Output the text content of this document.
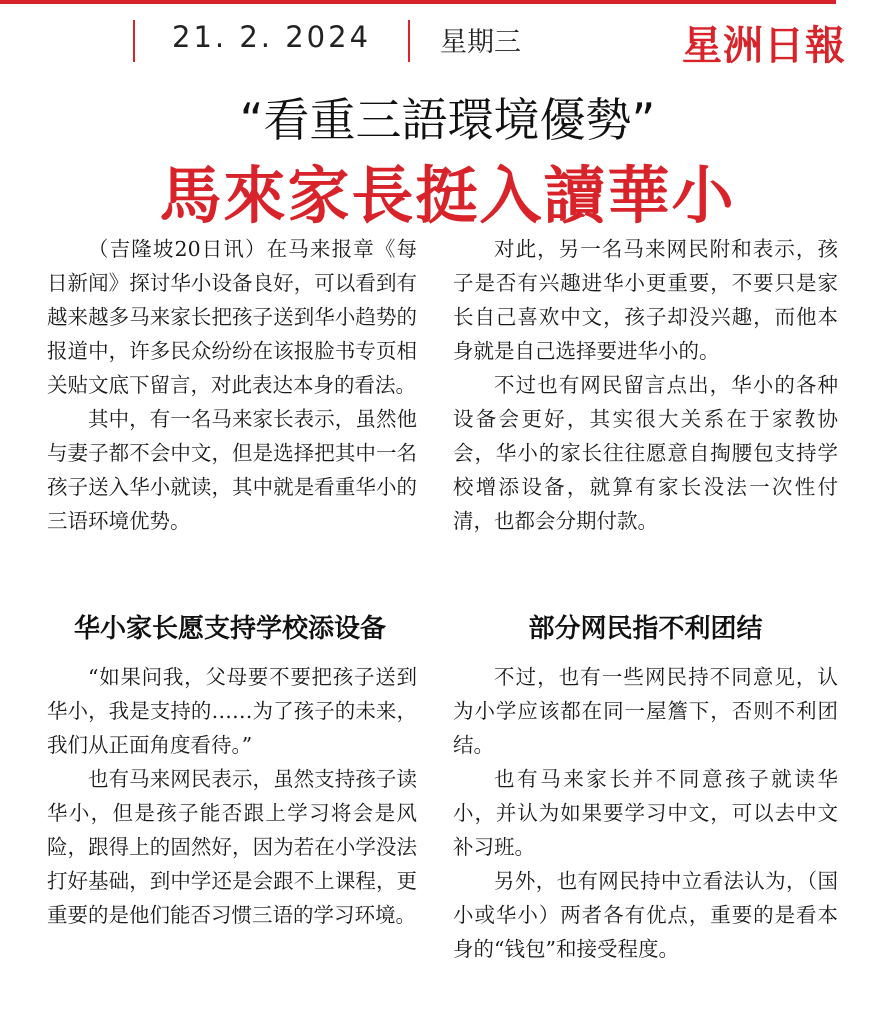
21. 2. 2024	星期三	星洲日報
“看重三語環境優勢”
馬來家長挺入讀華小

（吉隆坡20日讯）在马来报章《每日新闻》探讨华小设备良好，可以看到有越来越多马来家长把孩子送到华小趋势的报道中，许多民众纷纷在该报脸书专页相关贴文底下留言，对此表达本身的看法。

其中，有一名马来家长表示，虽然他与妻子都不会中文，但是选择把其中一名孩子送入华小就读，其中就是看重华小的三语环境优势。

对此，另一名马来网民附和表示，孩子是否有兴趣进华小更重要，不要只是家长自己喜欢中文，孩子却没兴趣，而他本身就是自己选择要进华小的。

不过也有网民留言点出，华小的各种设备会更好，其实很大关系在于家教协会，华小的家长往往愿意自掏腰包支持学校增添设备，就算有家长没法一次性付清，也都会分期付款。

华小家长愿支持学校添设备	部分网民指不利团结

“如果问我，父母要不要把孩子送到华小，我是支持的……为了孩子的未来，我们从正面角度看待。”

也有马来网民表示，虽然支持孩子读华小，但是孩子能否跟上学习将会是风险，跟得上的固然好，因为若在小学没法打好基础，到中学还是会跟不上课程，更重要的是他们能否习惯三语的学习环境。

不过，也有一些网民持不同意见，认为小学应该都在同一屋簷下，否则不利团结。

也有马来家长并不同意孩子就读华小，并认为如果要学习中文，可以去中文补习班。

另外，也有网民持中立看法认为，（国小或华小）两者各有优点，重要的是看本身的“钱包”和接受程度。
